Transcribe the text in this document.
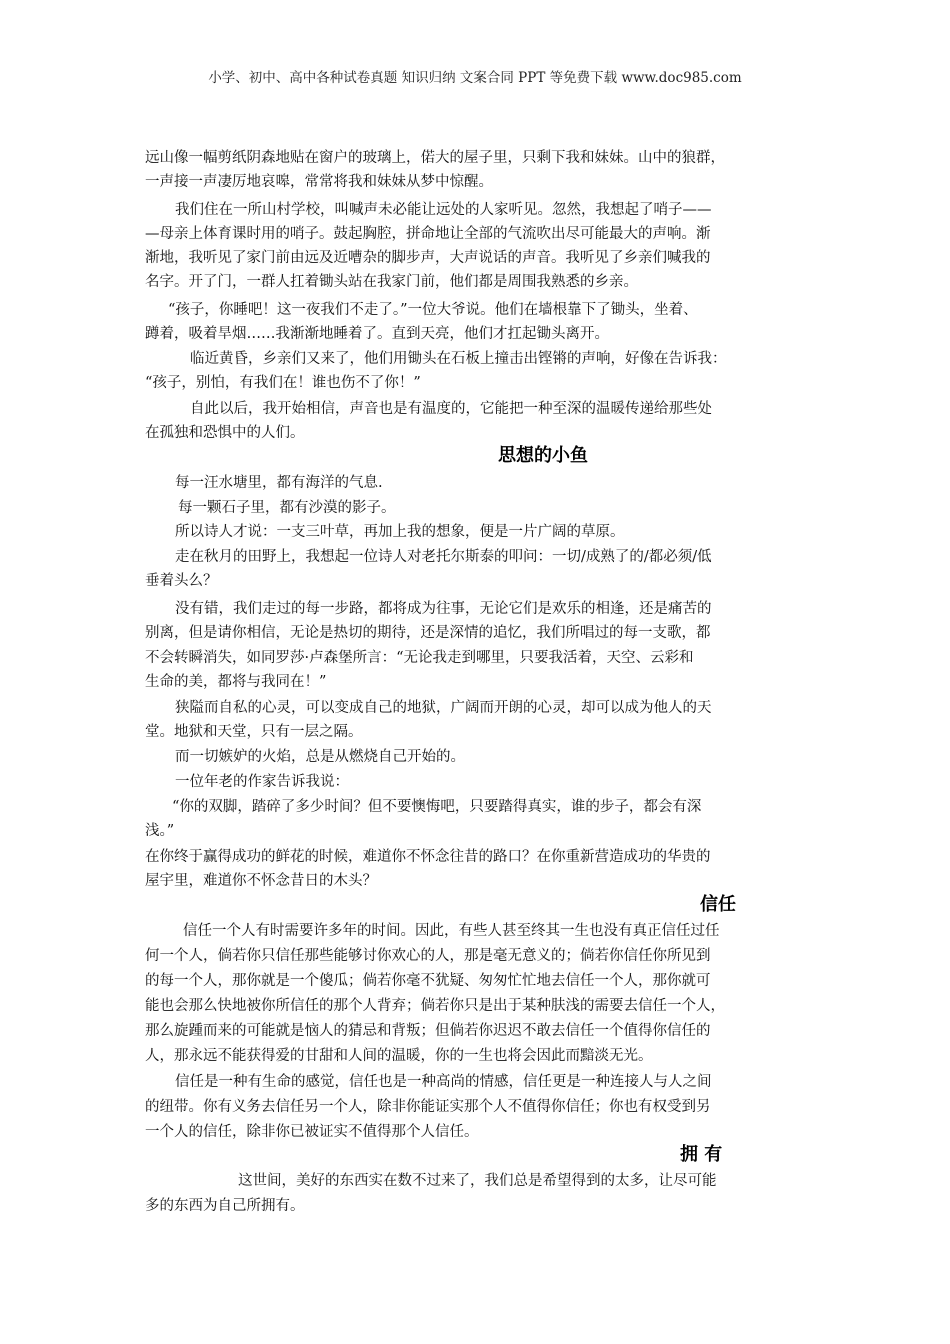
小学、初中、高中各种试卷真题 知识归纳 文案合同 PPT 等免费下载 www.doc985.com
远山像一幅剪纸阴森地贴在窗户的玻璃上，偌大的屋子里，只剩下我和妹妹。山中的狼群，
一声接一声凄厉地哀嗥，常常将我和妹妹从梦中惊醒。
我们住在一所山村学校，叫喊声未必能让远处的人家听见。忽然，我想起了哨子——
—母亲上体育课时用的哨子。鼓起胸腔，拼命地让全部的气流吹出尽可能最大的声响。渐
渐地，我听见了家门前由远及近嘈杂的脚步声，大声说话的声音。我听见了乡亲们喊我的
名字。开了门，一群人扛着锄头站在我家门前，他们都是周围我熟悉的乡亲。
“孩子，你睡吧！这一夜我们不走了。”一位大爷说。他们在墙根靠下了锄头，坐着、
蹲着，吸着旱烟……我渐渐地睡着了。直到天亮，他们才扛起锄头离开。
临近黄昏，乡亲们又来了，他们用锄头在石板上撞击出铿锵的声响，好像在告诉我：
“孩子，别怕，有我们在！谁也伤不了你！”
自此以后，我开始相信，声音也是有温度的，它能把一种至深的温暖传递给那些处
在孤独和恐惧中的人们。
思想的小鱼
每一汪水塘里，都有海洋的气息.
每一颗石子里，都有沙漠的影子。
所以诗人才说：一支三叶草，再加上我的想象，便是一片广阔的草原。
走在秋月的田野上，我想起一位诗人对老托尔斯泰的叩问：一切/成熟了的/都必须/低
垂着头么？
没有错，我们走过的每一步路，都将成为往事，无论它们是欢乐的相逢，还是痛苦的
别离，但是请你相信，无论是热切的期待，还是深情的追忆，我们所唱过的每一支歌，都
不会转瞬消失，如同罗莎·卢森堡所言：“无论我走到哪里，只要我活着，天空、云彩和
生命的美，都将与我同在！”
狭隘而自私的心灵，可以变成自己的地狱，广阔而开朗的心灵，却可以成为他人的天
堂。地狱和天堂，只有一层之隔。
而一切嫉妒的火焰，总是从燃烧自己开始的。
一位年老的作家告诉我说：
“你的双脚，踏碎了多少时间？但不要懊悔吧，只要踏得真实，谁的步子，都会有深
浅。”
在你终于赢得成功的鲜花的时候，难道你不怀念往昔的路口？在你重新营造成功的华贵的
屋宇里，难道你不怀念昔日的木头？
信任
信任一个人有时需要许多年的时间。因此，有些人甚至终其一生也没有真正信任过任
何一个人，倘若你只信任那些能够讨你欢心的人，那是毫无意义的；倘若你信任你所见到
的每一个人，那你就是一个傻瓜；倘若你毫不犹疑、匆匆忙忙地去信任一个人，那你就可
能也会那么快地被你所信任的那个人背弃；倘若你只是出于某种肤浅的需要去信任一个人，
那么旋踵而来的可能就是恼人的猜忌和背叛；但倘若你迟迟不敢去信任一个值得你信任的
人，那永远不能获得爱的甘甜和人间的温暖，你的一生也将会因此而黯淡无光。
信任是一种有生命的感觉，信任也是一种高尚的情感，信任更是一种连接人与人之间
的纽带。你有义务去信任另一个人，除非你能证实那个人不值得你信任；你也有权受到另
一个人的信任，除非你已被证实不值得那个人信任。
拥 有
这世间，美好的东西实在数不过来了，我们总是希望得到的太多，让尽可能
多的东西为自己所拥有。
